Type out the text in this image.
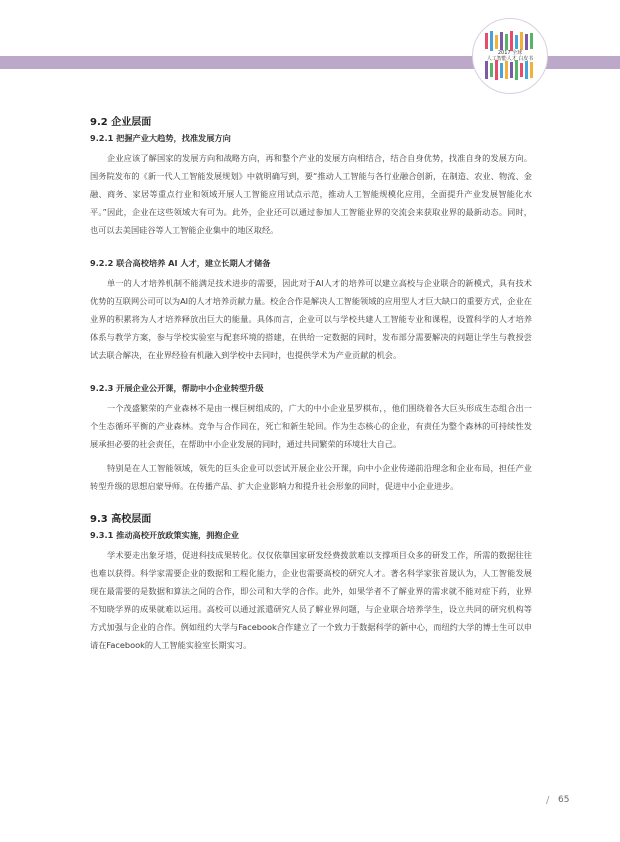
2017 全球
人工智能人才 白皮书
9.2 企业层面
9.2.1 把握产业大趋势，找准发展方向

企业应该了解国家的发展方向和战略方向，再和整个产业的发展方向相结合，结合自身优势，找准自身的发展方向。国务院发布的《新一代人工智能发展规划》中就明确写到，要“推动人工智能与各行业融合创新，在制造、农业、物流、金融、商务、家居等重点行业和领域开展人工智能应用试点示范，推动人工智能规模化应用，全面提升产业发展智能化水平。”因此，企业在这些领域大有可为。此外，企业还可以通过参加人工智能业界的交流会来获取业界的最新动态。同时，也可以去美国硅谷等人工智能企业集中的地区取经。

9.2.2 联合高校培养 AI 人才，建立长期人才储备

单一的人才培养机制不能满足技术进步的需要，因此对于AI人才的培养可以建立高校与企业联合的新模式，具有技术优势的互联网公司可以为AI的人才培养贡献力量。校企合作是解决人工智能领域的应用型人才巨大缺口的重要方式，企业在业界的积累将为人才培养释放出巨大的能量。具体而言，企业可以与学校共建人工智能专业和课程，设置科学的人才培养体系与教学方案，参与学校实验室与配套环境的搭建，在供给一定数据的同时，发布部分需要解决的问题让学生与教授尝试去联合解决，在业界经验有机融入到学校中去同时，也提供学术为产业贡献的机会。

9.2.3 开展企业公开课，帮助中小企业转型升级

一个茂盛繁荣的产业森林不是由一棵巨树组成的，广大的中小企业星罗棋布，，他们围绕着各大巨头形成生态组合出一个生态循环平衡的产业森林。竞争与合作同在，死亡和新生轮回。作为生态核心的企业，有责任为整个森林的可持续性发展承担必要的社会责任，在帮助中小企业发展的同时，通过共同繁荣的环境壮大自己。

特别是在人工智能领域，领先的巨头企业可以尝试开展企业公开课，向中小企业传递前沿理念和企业布局，担任产业转型升级的思想启蒙导师。在传播产品、扩大企业影响力和提升社会形象的同时，促进中小企业进步。

9.3 高校层面
9.3.1 推动高校开放政策实施，拥抱企业

学术要走出象牙塔，促进科技成果转化。仅仅依靠国家研发经费拨款难以支撑项目众多的研发工作，所需的数据往往也难以获得。科学家需要企业的数据和工程化能力，企业也需要高校的研究人才。著名科学家张首晟认为，人工智能发展现在最需要的是数据和算法之间的合作，即公司和大学的合作。此外，如果学者不了解业界的需求就不能对症下药，业界不知晓学界的成果就难以运用。高校可以通过派遣研究人员了解业界问题，与企业联合培养学生，设立共同的研究机构等方式加强与企业的合作。例如纽约大学与Facebook合作建立了一个致力于数据科学的新中心，而纽约大学的博士生可以申请在Facebook的人工智能实验室长期实习。

/ 65
